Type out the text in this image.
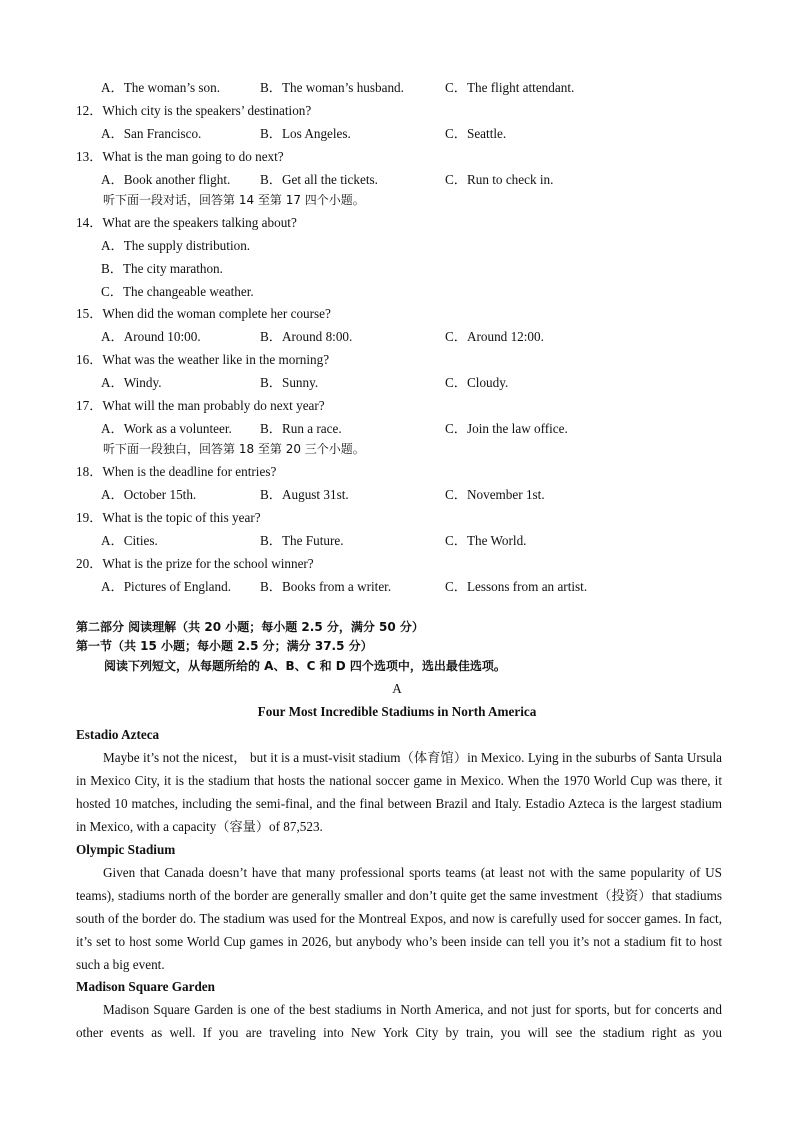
A．The woman’s son.	B．The woman’s husband.	C．The flight attendant.
12．Which city is the speakers’ destination?
A．San Francisco.	B．Los Angeles.	C．Seattle.
13．What is the man going to do next?
A．Book another flight. B．Get all the tickets.	C．Run to check in.
听下面一段对话，回答第 14 至第 17 四个小题。
14．What are the speakers talking about?
A．The supply distribution.
B．The city marathon.
C．The changeable weather.
15．When did the woman complete her course?
A．Around 10:00.	B．Around 8:00.	C．Around 12:00.
16．What was the weather like in the morning?
A．Windy.	B．Sunny.	C．Cloudy.
17．What will the man probably do next year?
A．Work as a volunteer. B．Run a race.	C．Join the law office.
听下面一段独白，回答第 18 至第 20 三个小题。
18．When is the deadline for entries?
A．October 15th.	B．August 31st.	C．November 1st.
19．What is the topic of this year?
A．Cities.	B．The Future.	C．The World.
20．What is the prize for the school winner?
A．Pictures of England. B．Books from a writer.	C．Lessons from an artist.
第二部分 阅读理解（共 20 小题；每小题 2.5 分，满分 50 分）
第一节（共 15 小题；每小题 2.5 分；满分 37.5 分）
阅读下列短文，从每题所给的 A、B、C 和 D 四个选项中，选出最佳选项。
A
Four Most Incredible Stadiums in North America
Estadio Azteca
Maybe it’s not the nicest， but it is a must-visit stadium（体育馆）in Mexico. Lying in the suburbs of Santa Ursula in Mexico City, it is the stadium that hosts the national soccer game in Mexico. When the 1970 World Cup was there, it hosted 10 matches, including the semi-final, and the final between Brazil and Italy. Estadio Azteca is the largest stadium in Mexico, with a capacity（容量）of 87,523.
Olympic Stadium
Given that Canada doesn’t have that many professional sports teams (at least not with the same popularity of US teams), stadiums north of the border are generally smaller and don’t quite get the same investment（投资）that stadiums south of the border do. The stadium was used for the Montreal Expos, and now is carefully used for soccer games. In fact, it’s set to host some World Cup games in 2026, but anybody who’s been inside can tell you it’s not a stadium fit to host such a big event.
Madison Square Garden
Madison Square Garden is one of the best stadiums in North America, and not just for sports, but for concerts and other events as well. If you are traveling into New York City by train, you will see the stadium right as you
